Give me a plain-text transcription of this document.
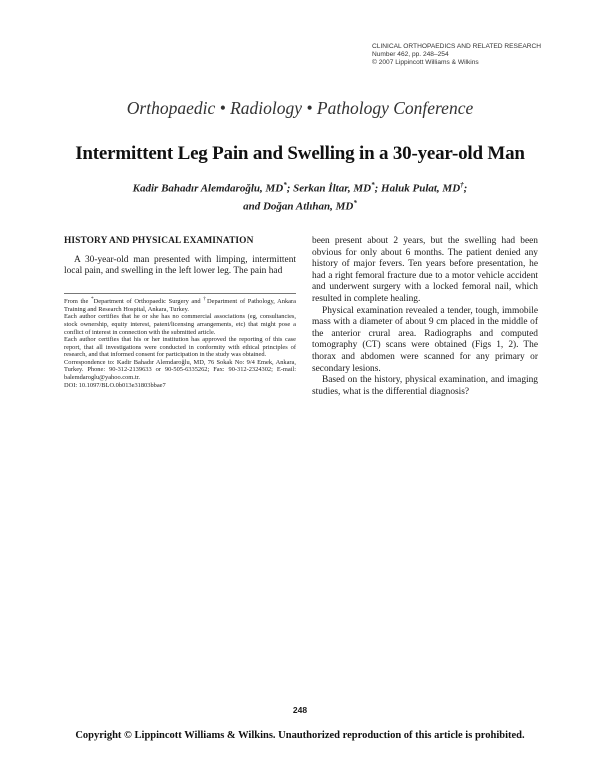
CLINICAL ORTHOPAEDICS AND RELATED RESEARCH
Number 462, pp. 248–254
© 2007 Lippincott Williams & Wilkins
Orthopaedic • Radiology • Pathology Conference
Intermittent Leg Pain and Swelling in a 30-year-old Man
Kadir Bahadır Alemdaroğlu, MD*; Serkan İltar, MD*; Haluk Pulat, MD†;
and Doğan Atlıhan, MD*
HISTORY AND PHYSICAL EXAMINATION

A 30-year-old man presented with limping, intermittent local pain, and swelling in the left lower leg. The pain had

From the *Department of Orthopaedic Surgery and †Department of Pathology, Ankara Training and Research Hospital, Ankara, Turkey.

Each author certifies that he or she has no commercial associations (eg, consultancies, stock ownership, equity interest, patent/licensing arrangements, etc) that might pose a conflict of interest in connection with the submitted article.

Each author certifies that his or her institution has approved the reporting of this case report, that all investigations were conducted in conformity with ethical principles of research, and that informed consent for participation in the study was obtained.

Correspondence to: Kadir Bahadır Alemdaroğlu, MD, 76 Sokak No: 9/4 Emek, Ankara, Turkey. Phone: 90-312-2139633 or 90-505-6335262; Fax: 90-312-2324302; E-mail: balemdaroglu@yahoo.com.tr.

DOI: 10.1097/BLO.0b013e31803bbae7

been present about 2 years, but the swelling had been obvious for only about 6 months. The patient denied any history of major fevers. Ten years before presentation, he had a right femoral fracture due to a motor vehicle accident and underwent surgery with a locked femoral nail, which resulted in complete healing.

Physical examination revealed a tender, tough, immobile mass with a diameter of about 9 cm placed in the middle of the anterior crural area. Radiographs and computed tomography (CT) scans were obtained (Figs 1, 2). The thorax and abdomen were scanned for any primary or secondary lesions.

Based on the history, physical examination, and imaging studies, what is the differential diagnosis?

248
Copyright © Lippincott Williams & Wilkins. Unauthorized reproduction of this article is prohibited.
